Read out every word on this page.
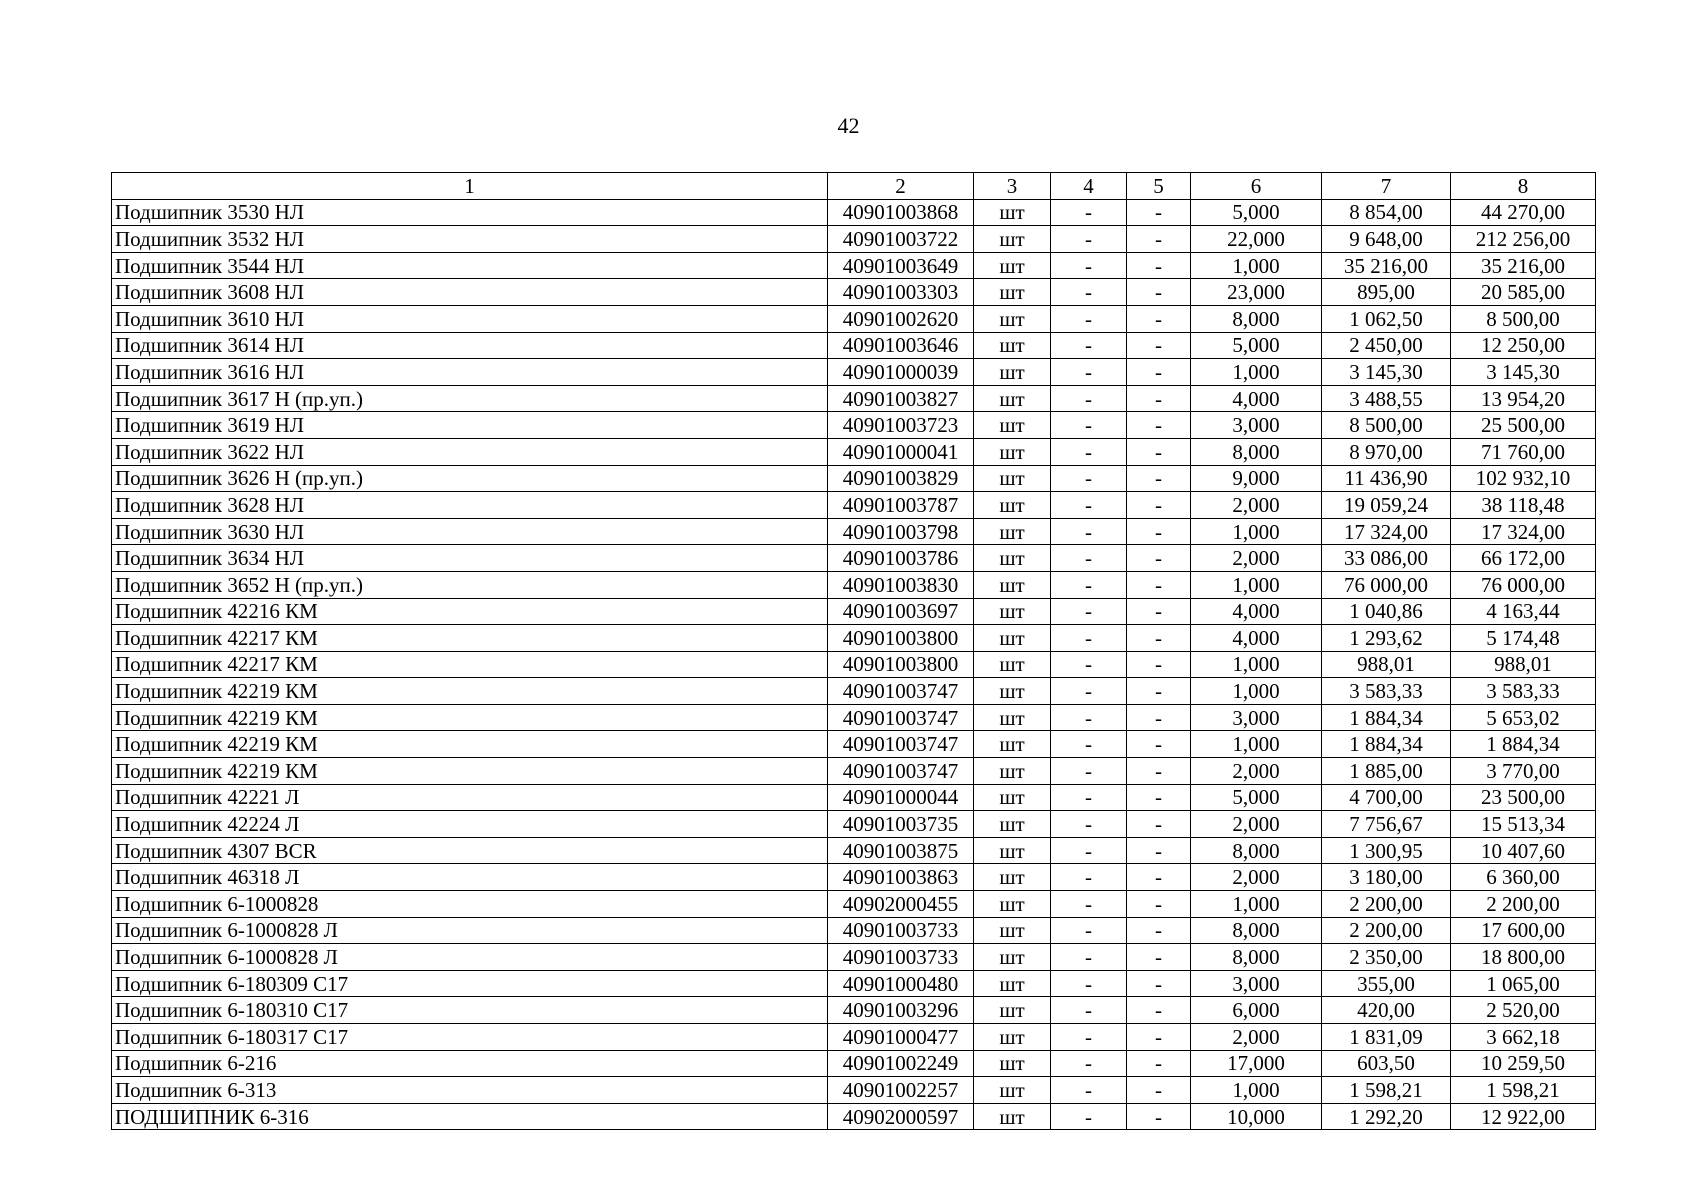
42
1	2	3	4	5	6	7	8
Подшипник 3530 НЛ	40901003868	шт	-	-	5,000	8 854,00	44 270,00
Подшипник 3532 НЛ	40901003722	шт	-	-	22,000	9 648,00	212 256,00
Подшипник 3544 НЛ	40901003649	шт	-	-	1,000	35 216,00	35 216,00
Подшипник 3608 НЛ	40901003303	шт	-	-	23,000	895,00	20 585,00
Подшипник 3610 НЛ	40901002620	шт	-	-	8,000	1 062,50	8 500,00
Подшипник 3614 НЛ	40901003646	шт	-	-	5,000	2 450,00	12 250,00
Подшипник 3616 НЛ	40901000039	шт	-	-	1,000	3 145,30	3 145,30
Подшипник 3617 Н (пр.уп.)	40901003827	шт	-	-	4,000	3 488,55	13 954,20
Подшипник 3619 НЛ	40901003723	шт	-	-	3,000	8 500,00	25 500,00
Подшипник 3622 НЛ	40901000041	шт	-	-	8,000	8 970,00	71 760,00
Подшипник 3626 Н (пр.уп.)	40901003829	шт	-	-	9,000	11 436,90	102 932,10
Подшипник 3628 НЛ	40901003787	шт	-	-	2,000	19 059,24	38 118,48
Подшипник 3630 НЛ	40901003798	шт	-	-	1,000	17 324,00	17 324,00
Подшипник 3634 НЛ	40901003786	шт	-	-	2,000	33 086,00	66 172,00
Подшипник 3652 Н (пр.уп.)	40901003830	шт	-	-	1,000	76 000,00	76 000,00
Подшипник 42216 КМ	40901003697	шт	-	-	4,000	1 040,86	4 163,44
Подшипник 42217 КМ	40901003800	шт	-	-	4,000	1 293,62	5 174,48
Подшипник 42217 КМ	40901003800	шт	-	-	1,000	988,01	988,01
Подшипник 42219 КМ	40901003747	шт	-	-	1,000	3 583,33	3 583,33
Подшипник 42219 КМ	40901003747	шт	-	-	3,000	1 884,34	5 653,02
Подшипник 42219 КМ	40901003747	шт	-	-	1,000	1 884,34	1 884,34
Подшипник 42219 КМ	40901003747	шт	-	-	2,000	1 885,00	3 770,00
Подшипник 42221 Л	40901000044	шт	-	-	5,000	4 700,00	23 500,00
Подшипник 42224 Л	40901003735	шт	-	-	2,000	7 756,67	15 513,34
Подшипник 4307 BCR	40901003875	шт	-	-	8,000	1 300,95	10 407,60
Подшипник 46318 Л	40901003863	шт	-	-	2,000	3 180,00	6 360,00
Подшипник 6-1000828	40902000455	шт	-	-	1,000	2 200,00	2 200,00
Подшипник 6-1000828 Л	40901003733	шт	-	-	8,000	2 200,00	17 600,00
Подшипник 6-1000828 Л	40901003733	шт	-	-	8,000	2 350,00	18 800,00
Подшипник 6-180309 С17	40901000480	шт	-	-	3,000	355,00	1 065,00
Подшипник 6-180310 С17	40901003296	шт	-	-	6,000	420,00	2 520,00
Подшипник 6-180317 С17	40901000477	шт	-	-	2,000	1 831,09	3 662,18
Подшипник 6-216	40901002249	шт	-	-	17,000	603,50	10 259,50
Подшипник 6-313	40901002257	шт	-	-	1,000	1 598,21	1 598,21
ПОДШИПНИК 6-316	40902000597	шт	-	-	10,000	1 292,20	12 922,00
